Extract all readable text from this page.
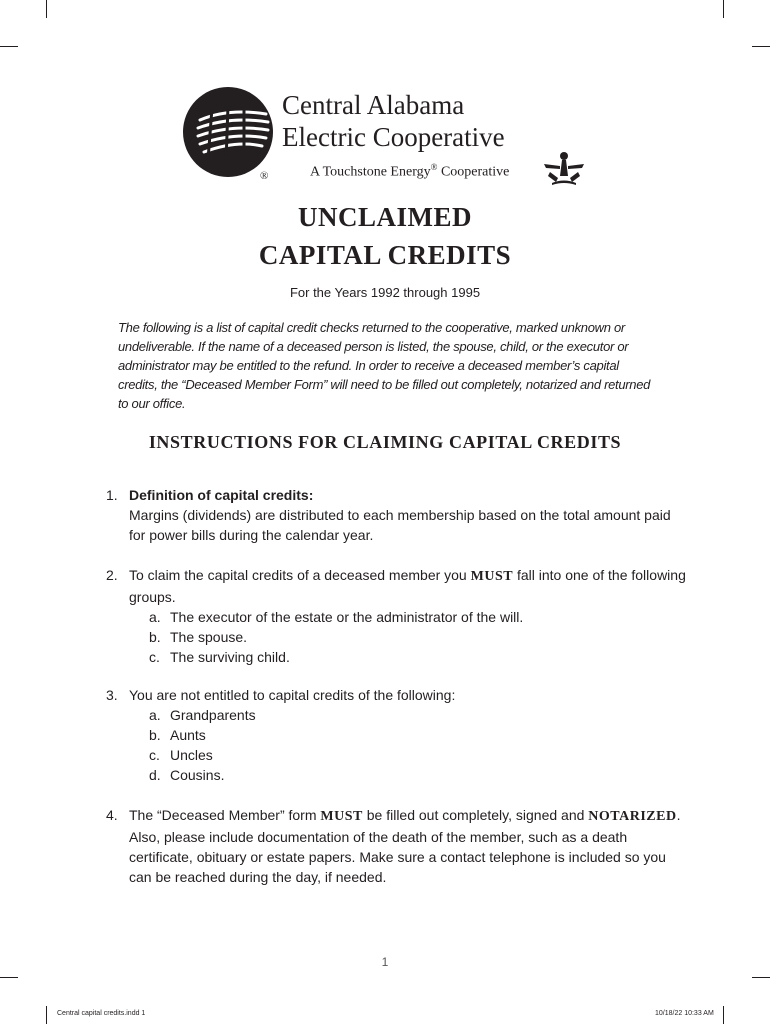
®
Central Alabama
Electric Cooperative
A Touchstone Energy® Cooperative
UNCLAIMED
CAPITAL CREDITS
For the Years 1992 through 1995
The following is a list of capital credit checks returned to the cooperative, marked unknown or undeliverable. If the name of a deceased person is listed, the spouse, child, or the executor or administrator may be entitled to the refund. In order to receive a deceased member’s capital credits, the “Deceased Member Form” will need to be filled out completely, notarized and returned to our office.
INSTRUCTIONS FOR CLAIMING CAPITAL CREDITS
1. Definition of capital credits:
Margins (dividends) are distributed to each membership based on the total amount paid for power bills during the calendar year.
2. To claim the capital credits of a deceased member you MUST fall into one of the following groups.
a. The executor of the estate or the administrator of the will.
b. The spouse.
c. The surviving child.
3. You are not entitled to capital credits of the following:
a. Grandparents
b. Aunts
c. Uncles
d. Cousins.
4. The “Deceased Member” form MUST be filled out completely, signed and NOTARIZED. Also, please include documentation of the death of the member, such as a death certificate, obituary or estate papers. Make sure a contact telephone is included so you can be reached during the day, if needed.
1
Central capital credits.indd 1	10/18/22 10:33 AM
